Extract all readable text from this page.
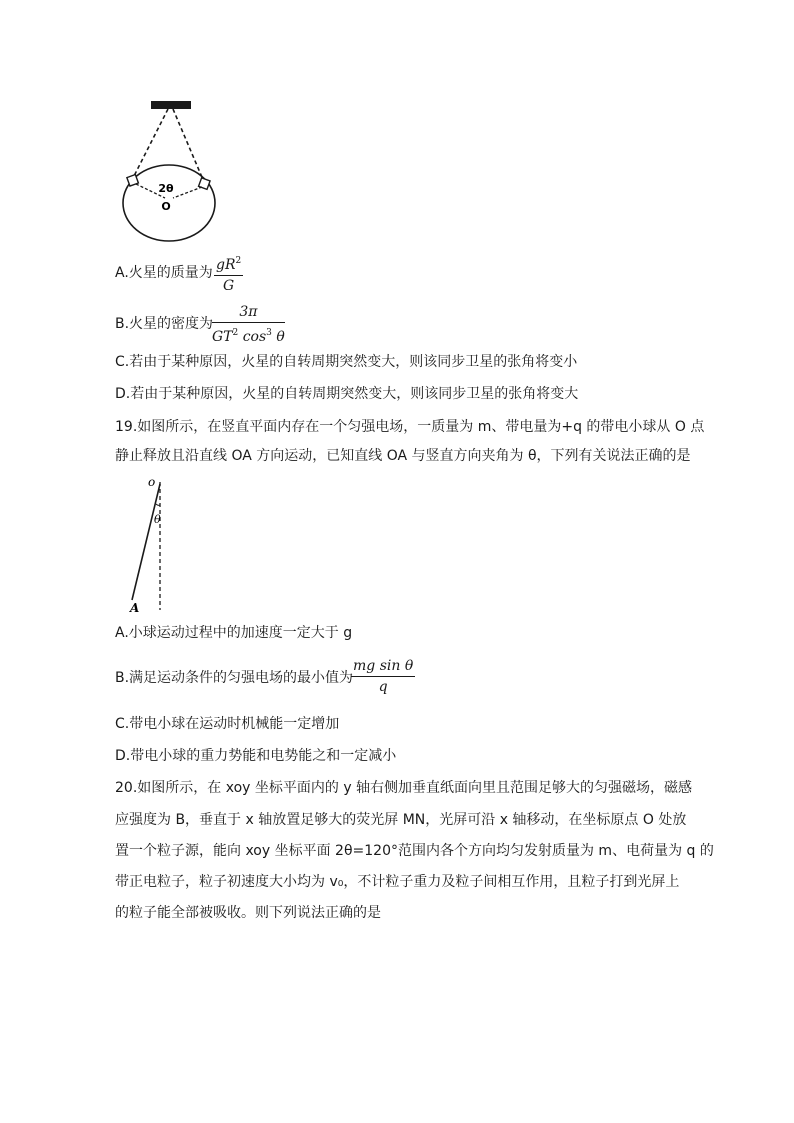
2θ
O
A.火星的质量为 $\frac{gR^2}{G}$
B.火星的密度为
$\frac{3\pi}{GT^2 \cos^3 \theta}$
C.若由于某种原因，火星的自转周期突然变大，则该同步卫星的张角将变小
D.若由于某种原因，火星的自转周期突然变大，则该同步卫星的张角将变大
19.如图所示，在竖直平面内存在一个匀强电场，一质量为 m、带电量为+q 的带电小球从 O 点
静止释放且沿直线 OA 方向运动，已知直线 OA 与竖直方向夹角为 θ，下列有关说法正确的是
o
θ
A
A.小球运动过程中的加速度一定大于 g
B.满足运动条件的匀强电场的最小值为
$\frac{\text{mg sin θ}}{q}$
C.带电小球在运动时机械能一定增加
D.带电小球的重力势能和电势能之和一定减小
20.如图所示，在 xoy 坐标平面内的 y 轴右侧加垂直纸面向里且范围足够大的匀强磁场，磁感
应强度为 B，垂直于 x 轴放置足够大的荧光屏 MN，光屏可沿 x 轴移动，在坐标原点 O 处放
置一个粒子源，能向 xoy 坐标平面 2θ=120°范围内各个方向均匀发射质量为 m、电荷量为 q 的
带正电粒子，粒子初速度大小均为 v₀，不计粒子重力及粒子间相互作用，且粒子打到光屏上
的粒子能全部被吸收。则下列说法正确的是
